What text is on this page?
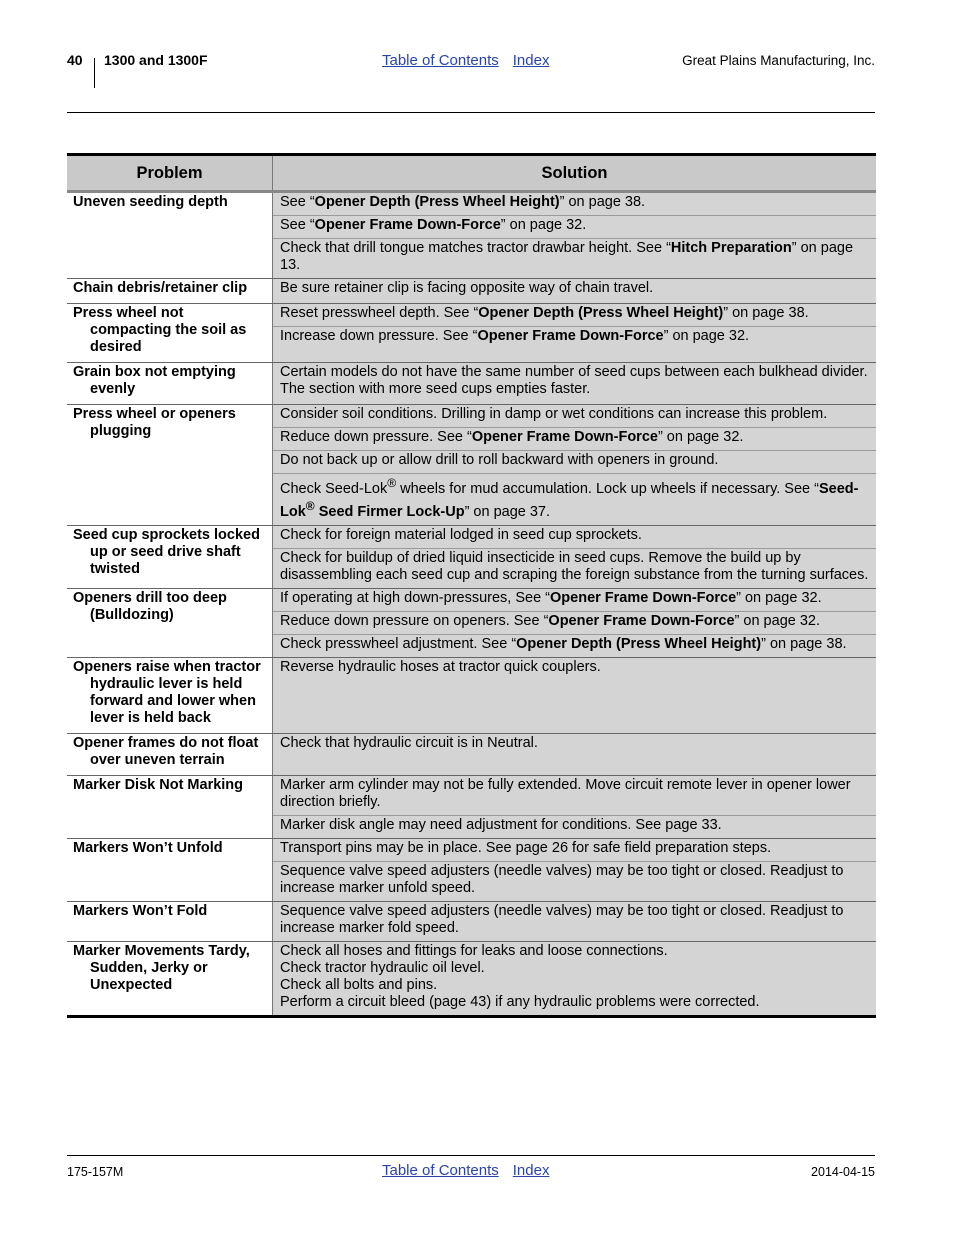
40 1300 and 1300F	Table of Contents Index	Great Plains Manufacturing, Inc.
Problem	Solution

Uneven seeding depth	See “Opener Depth (Press Wheel Height)” on page 38.
See “Opener Frame Down-Force” on page 32.
Check that drill tongue matches tractor drawbar height. See “Hitch Preparation” on page 13.

Chain debris/retainer clip	Be sure retainer clip is facing opposite way of chain travel.

Press wheel not compacting the soil as desired	Reset presswheel depth. See “Opener Depth (Press Wheel Height)” on page 38.
Increase down pressure. See “Opener Frame Down-Force” on page 32.

Grain box not emptying evenly	Certain models do not have the same number of seed cups between each bulkhead divider. The section with more seed cups empties faster.

Press wheel or openers plugging	Consider soil conditions. Drilling in damp or wet conditions can increase this problem.
Reduce down pressure. See “Opener Frame Down-Force” on page 32.
Do not back up or allow drill to roll backward with openers in ground.
Check Seed-Lok® wheels for mud accumulation. Lock up wheels if necessary. See “Seed-Lok® Seed Firmer Lock-Up” on page 37.

Seed cup sprockets locked up or seed drive shaft twisted	Check for foreign material lodged in seed cup sprockets.
Check for buildup of dried liquid insecticide in seed cups. Remove the build up by disassembling each seed cup and scraping the foreign substance from the turning surfaces.

Openers drill too deep (Bulldozing)	If operating at high down-pressures, See “Opener Frame Down-Force” on page 32.
Reduce down pressure on openers. See “Opener Frame Down-Force” on page 32.
Check presswheel adjustment. See “Opener Depth (Press Wheel Height)” on page 38.

Openers raise when tractor hydraulic lever is held forward and lower when lever is held back	Reverse hydraulic hoses at tractor quick couplers.

Opener frames do not float over uneven terrain	Check that hydraulic circuit is in Neutral.

Marker Disk Not Marking	Marker arm cylinder may not be fully extended. Move circuit remote lever in opener lower direction briefly.
Marker disk angle may need adjustment for conditions. See page 33.

Markers Won’t Unfold	Transport pins may be in place. See page 26 for safe field preparation steps.
Sequence valve speed adjusters (needle valves) may be too tight or closed. Readjust to increase marker unfold speed.

Markers Won’t Fold	Sequence valve speed adjusters (needle valves) may be too tight or closed. Readjust to increase marker fold speed.

Marker Movements Tardy, Sudden, Jerky or Unexpected	Check all hoses and fittings for leaks and loose connections.
Check tractor hydraulic oil level.
Check all bolts and pins.
Perform a circuit bleed (page 43) if any hydraulic problems were corrected.
175-157M	Table of Contents Index	2014-04-15
